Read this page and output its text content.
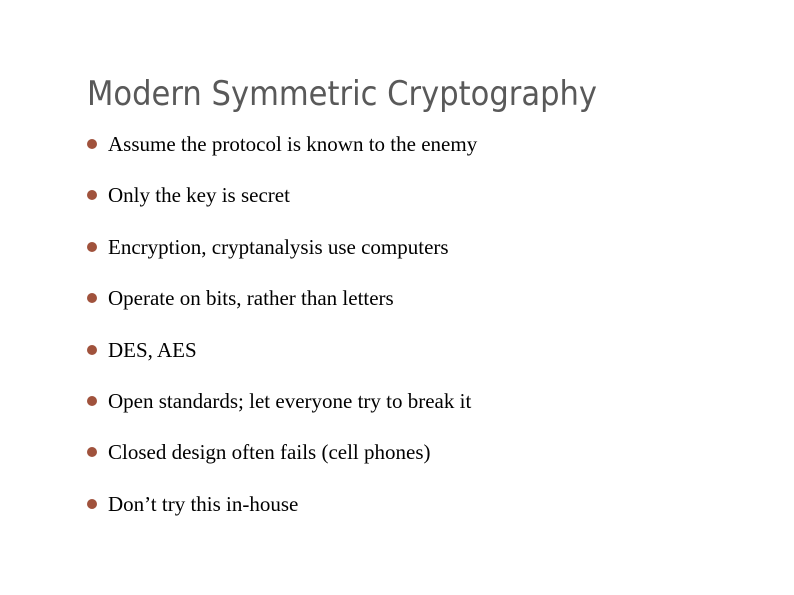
Modern Symmetric Cryptography
Assume the protocol is known to the enemy
Only the key is secret
Encryption, cryptanalysis use computers
Operate on bits, rather than letters
DES, AES
Open standards; let everyone try to break it
Closed design often fails (cell phones)
Don’t try this in-house
